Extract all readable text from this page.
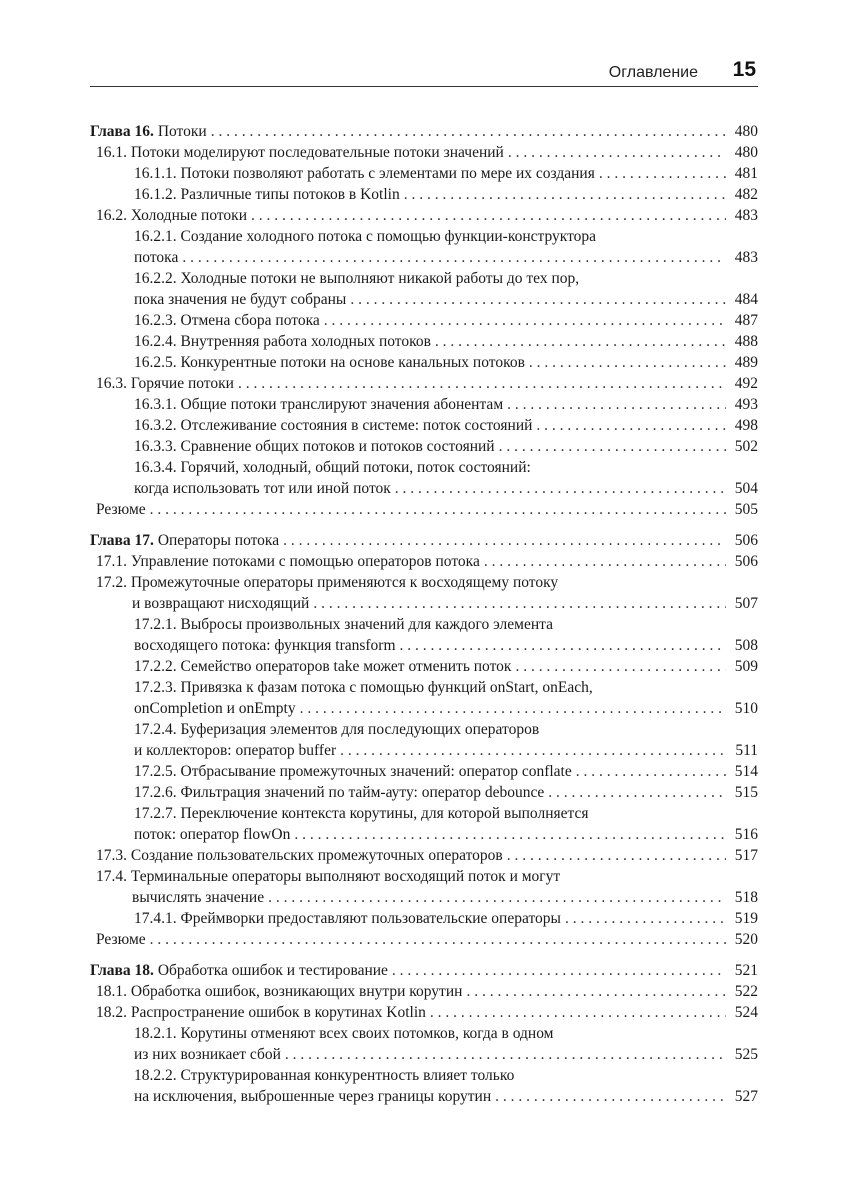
Оглавление 15
Глава 16. Потоки . . .	480
16.1. Потоки моделируют последовательные потоки значений . . .	480
16.1.1. Потоки позволяют работать с элементами по мере их создания . . .	481
16.1.2. Различные типы потоков в Kotlin . . .	482
16.2. Холодные потоки . . .	483
16.2.1. Создание холодного потока с помощью функции-конструктора
потока . . .	483
16.2.2. Холодные потоки не выполняют никакой работы до тех пор,
пока значения не будут собраны . . .	484
16.2.3. Отмена сбора потока . . .	487
16.2.4. Внутренняя работа холодных потоков . . .	488
16.2.5. Конкурентные потоки на основе канальных потоков . . .	489
16.3. Горячие потоки . . .	492
16.3.1. Общие потоки транслируют значения абонентам . . .	493
16.3.2. Отслеживание состояния в системе: поток состояний . . .	498
16.3.3. Сравнение общих потоков и потоков состояний . . .	502
16.3.4. Горячий, холодный, общий потоки, поток состояний:
когда использовать тот или иной поток . . .	504
Резюме . . .	505
Глава 17. Операторы потока . . .	506
17.1. Управление потоками с помощью операторов потока . . .	506
17.2. Промежуточные операторы применяются к восходящему потоку
и возвращают нисходящий . . .	507
17.2.1. Выбросы произвольных значений для каждого элемента
восходящего потока: функция transform . . .	508
17.2.2. Семейство операторов take может отменить поток . . .	509
17.2.3. Привязка к фазам потока с помощью функций onStart, onEach,
onCompletion и onEmpty . . .	510
17.2.4. Буферизация элементов для последующих операторов
и коллекторов: оператор buffer . . .	511
17.2.5. Отбрасывание промежуточных значений: оператор conflate . . .	514
17.2.6. Фильтрация значений по тайм-ауту: оператор debounce . . .	515
17.2.7. Переключение контекста корутины, для которой выполняется
поток: оператор flowOn . . .	516
17.3. Создание пользовательских промежуточных операторов . . .	517
17.4. Терминальные операторы выполняют восходящий поток и могут
вычислять значение . . .	518
17.4.1. Фреймворки предоставляют пользовательские операторы . . .	519
Резюме . . .	520
Глава 18. Обработка ошибок и тестирование . . .	521
18.1. Обработка ошибок, возникающих внутри корутин . . .	522
18.2. Распространение ошибок в корутинах Kotlin . . .	524
18.2.1. Корутины отменяют всех своих потомков, когда в одном
из них возникает сбой . . .	525
18.2.2. Структурированная конкурентность влияет только
на исключения, выброшенные через границы корутин . . .	527
